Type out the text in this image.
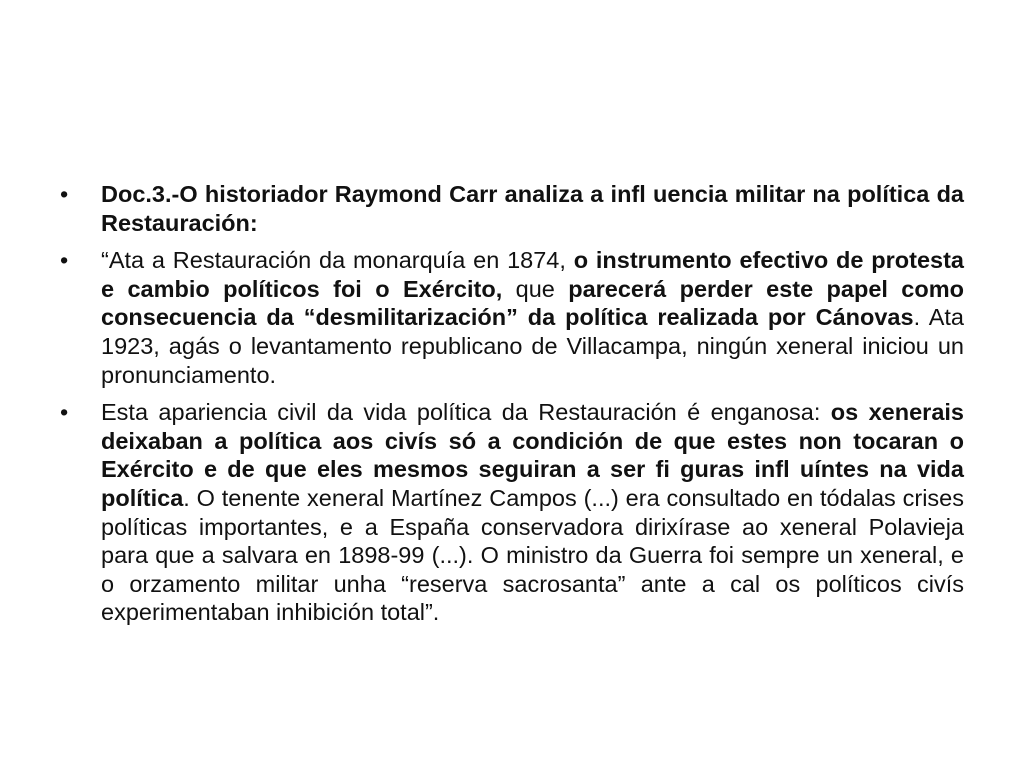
•	Doc.3.-O historiador Raymond Carr analiza a infl uencia militar na política da Restauración:
•	“Ata a Restauración da monarquía en 1874, o instrumento efectivo de protesta e cambio políticos foi o Exército, que parecerá perder este papel como consecuencia da “desmilitarización” da política realizada por Cánovas. Ata 1923, agás o levantamento republicano de Villacampa, ningún xeneral iniciou un pronunciamento.
•	Esta apariencia civil da vida política da Restauración é enganosa: os xenerais deixaban a política aos civís só a condición de que estes non tocaran o Exército e de que eles mesmos seguiran a ser fi guras infl uíntes na vida política. O tenente xeneral Martínez Campos (...) era consultado en tódalas crises políticas importantes, e a España conservadora dirixírase ao xeneral Polavieja para que a salvara en 1898-99 (...). O ministro da Guerra foi sempre un xeneral, e o orzamento militar unha “reserva sacrosanta” ante a cal os políticos civís experimentaban inhibición total”.
